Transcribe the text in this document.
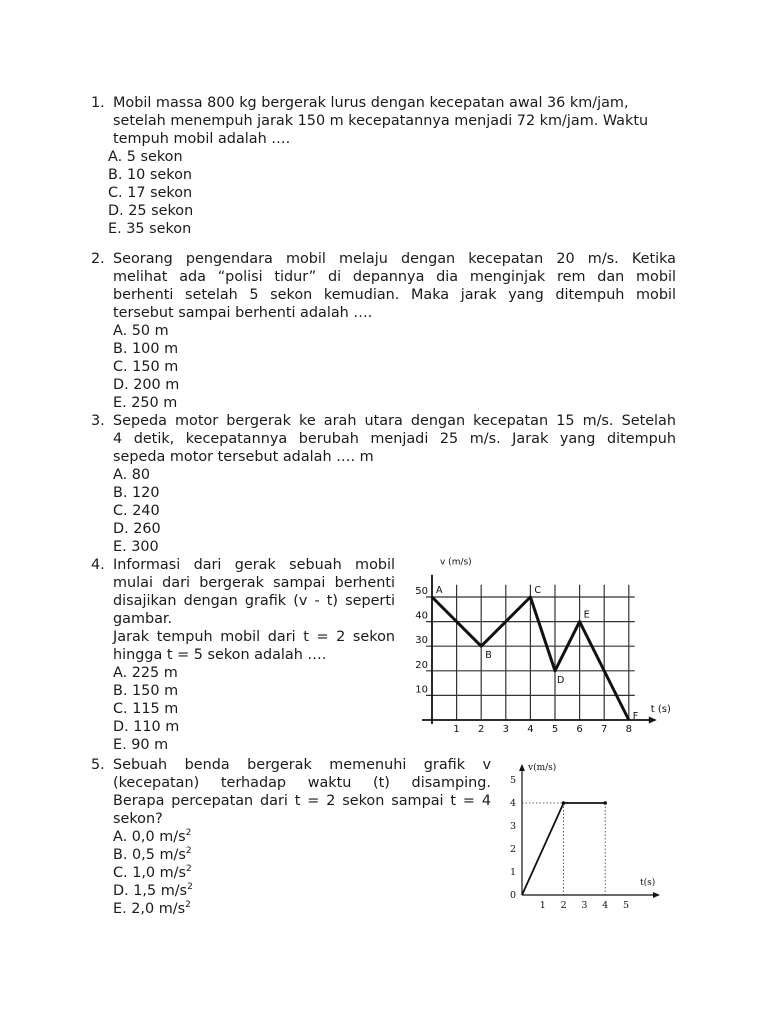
1. Mobil massa 800 kg bergerak lurus dengan kecepatan awal 36 km/jam,
setelah menempuh jarak 150 m kecepatannya menjadi 72 km/jam. Waktu
tempuh mobil adalah ….
A. 5 sekon
B. 10 sekon
C. 17 sekon
D. 25 sekon
E. 35 sekon
2. Seorang pengendara mobil melaju dengan kecepatan 20 m/s. Ketika
melihat ada “polisi tidur” di depannya dia menginjak rem dan mobil
berhenti setelah 5 sekon kemudian. Maka jarak yang ditempuh mobil
tersebut sampai berhenti adalah ….
A. 50 m
B. 100 m
C. 150 m
D. 200 m
E. 250 m
3. Sepeda motor bergerak ke arah utara dengan kecepatan 15 m/s. Setelah
4 detik, kecepatannya berubah menjadi 25 m/s. Jarak yang ditempuh
sepeda motor tersebut adalah …. m
A. 80
B. 120
C. 240
D. 260
E. 300
4. Informasi dari gerak sebuah mobil
mulai dari bergerak sampai berhenti
disajikan dengan grafik (v - t) seperti
gambar.
Jarak tempuh mobil dari t = 2 sekon
hingga t = 5 sekon adalah ….
A. 225 m
B. 150 m
C. 115 m
D. 110 m
E. 90 m
1 2 3 4 5 6 7 8
10
20
30
40
50
v (m/s)
t (s)
A
B
C
D
E
F
5. Sebuah benda bergerak memenuhi grafik v
(kecepatan) terhadap waktu (t) disamping.
Berapa percepatan dari t = 2 sekon sampai t = 4
sekon?
A. 0,0 $m/s^2$
B. 0,5 $m/s^2$
C. 1,0 $m/s^2$
D. 1,5 $m/s^2$
E. 2,0 $m/s^2$	1 2 3 4 5
1
2
3
4
5
0
v(m/s)
t(s)
